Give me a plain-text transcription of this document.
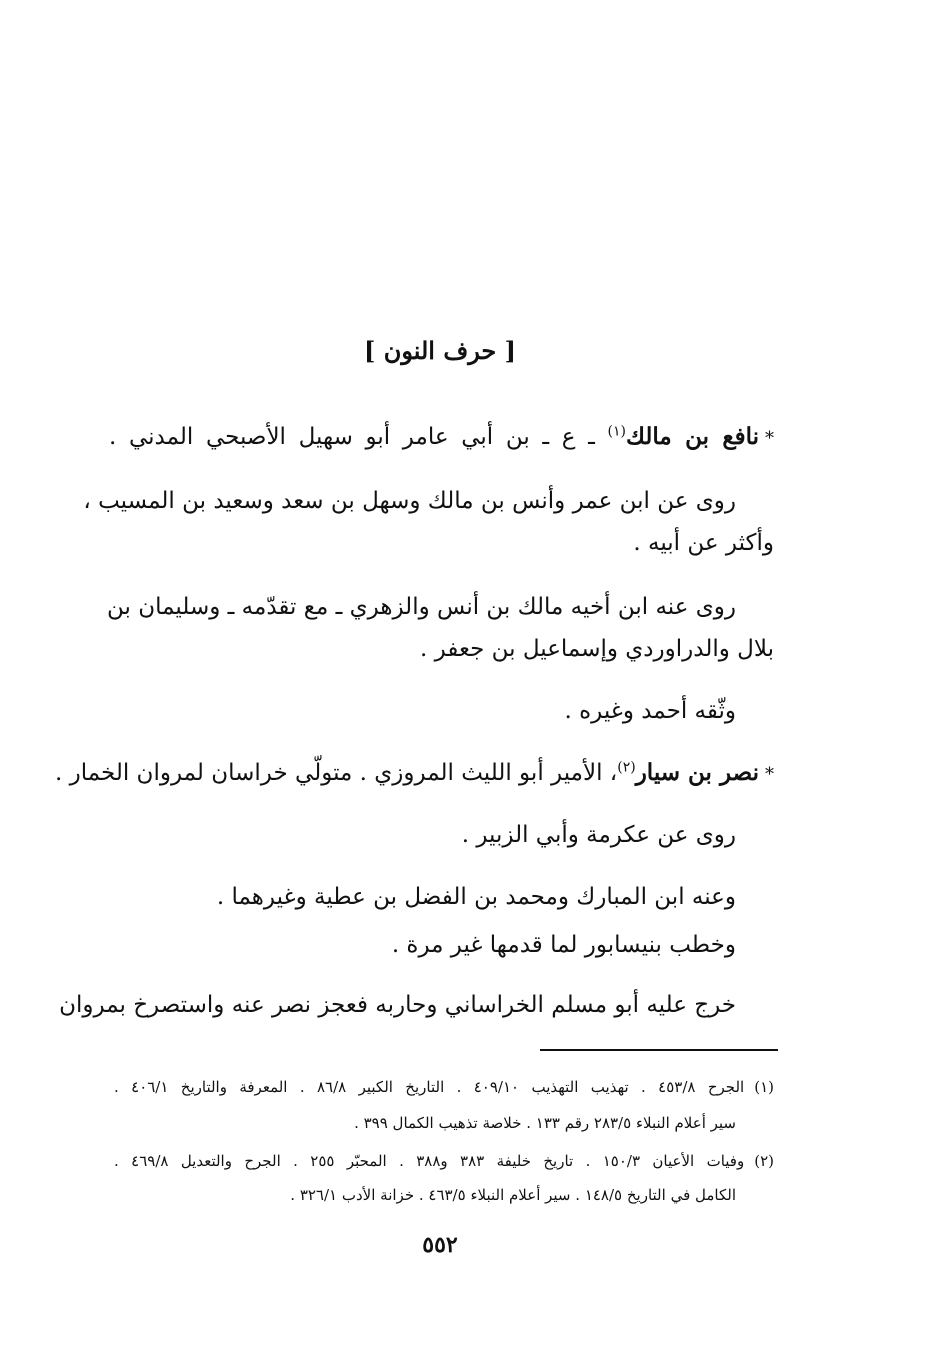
[ حرف النون ]
*نافع بن مالك$^{(١)}$ ـ ع ـ بن أبي عامر أبو سهيل الأصبحي المدني .
روى عن ابن عمر وأنس بن مالك وسهل بن سعد وسعيد بن المسيب ،
وأكثر عن أبيه .
روى عنه ابن أخيه مالك بن أنس والزهري ـ مع تقدّمه ـ وسليمان بن
بلال والدراوردي وإسماعيل بن جعفر .
وثّقه أحمد وغيره .
*نصر بن سيار$^{(٢)}$، الأمير أبو الليث المروزي . متولّي خراسان لمروان الخمار .
روى عن عكرمة وأبي الزبير .
وعنه ابن المبارك ومحمد بن الفضل بن عطية وغيرهما .
وخطب بنيسابور لما قدمها غير مرة .
خرج عليه أبو مسلم الخراساني وحاربه فعجز نصر عنه واستصرخ بمروان
(١)الجرح ٤٥٣/٨ . تهذيب التهذيب ٤٠٩/١٠ . التاريخ الكبير ٨٦/٨ . المعرفة والتاريخ ٤٠٦/١ .
سير أعلام النبلاء ٢٨٣/٥ رقم ١٣٣ . خلاصة تذهيب الكمال ٣٩٩ .
(٢)وفيات الأعيان ١٥٠/٣ . تاريخ خليفة ٣٨٣ و٣٨٨ . المحبّر ٢٥٥ . الجرح والتعديل ٤٦٩/٨ .
الكامل في التاريخ ١٤٨/٥ . سير أعلام النبلاء ٤٦٣/٥ . خزانة الأدب ٣٢٦/١ .
٥٥٢
